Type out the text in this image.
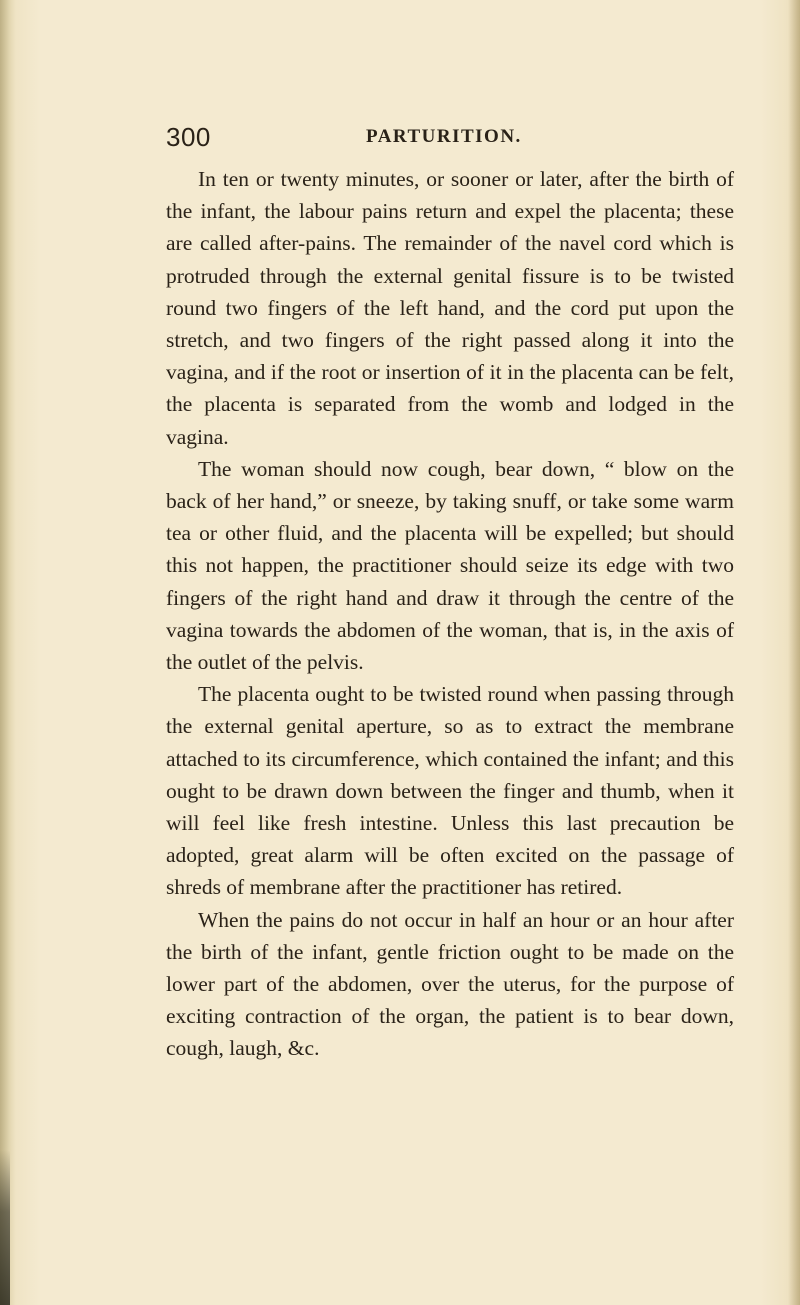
300	PARTURITION.

In ten or twenty minutes, or sooner or later, after the birth of the infant, the labour pains return and expel the placenta; these are called after-pains. The remainder of the navel cord which is protruded through the external genital fissure is to be twisted round two fingers of the left hand, and the cord put upon the stretch, and two fingers of the right passed along it into the vagina, and if the root or insertion of it in the placenta can be felt, the placenta is separated from the womb and lodged in the vagina.

The woman should now cough, bear down, “ blow on the back of her hand,” or sneeze, by taking snuff, or take some warm tea or other fluid, and the placenta will be expelled; but should this not happen, the practitioner should seize its edge with two fingers of the right hand and draw it through the centre of the vagina towards the abdomen of the woman, that is, in the axis of the outlet of the pelvis.

The placenta ought to be twisted round when passing through the external genital aperture, so as to extract the membrane attached to its circumference, which contained the infant; and this ought to be drawn down between the finger and thumb, when it will feel like fresh intestine. Unless this last precaution be adopted, great alarm will be often excited on the passage of shreds of membrane after the practitioner has retired.

When the pains do not occur in half an hour or an hour after the birth of the infant, gentle friction ought to be made on the lower part of the abdomen, over the uterus, for the purpose of exciting contraction of the organ, the patient is to bear down, cough, laugh, &c.
